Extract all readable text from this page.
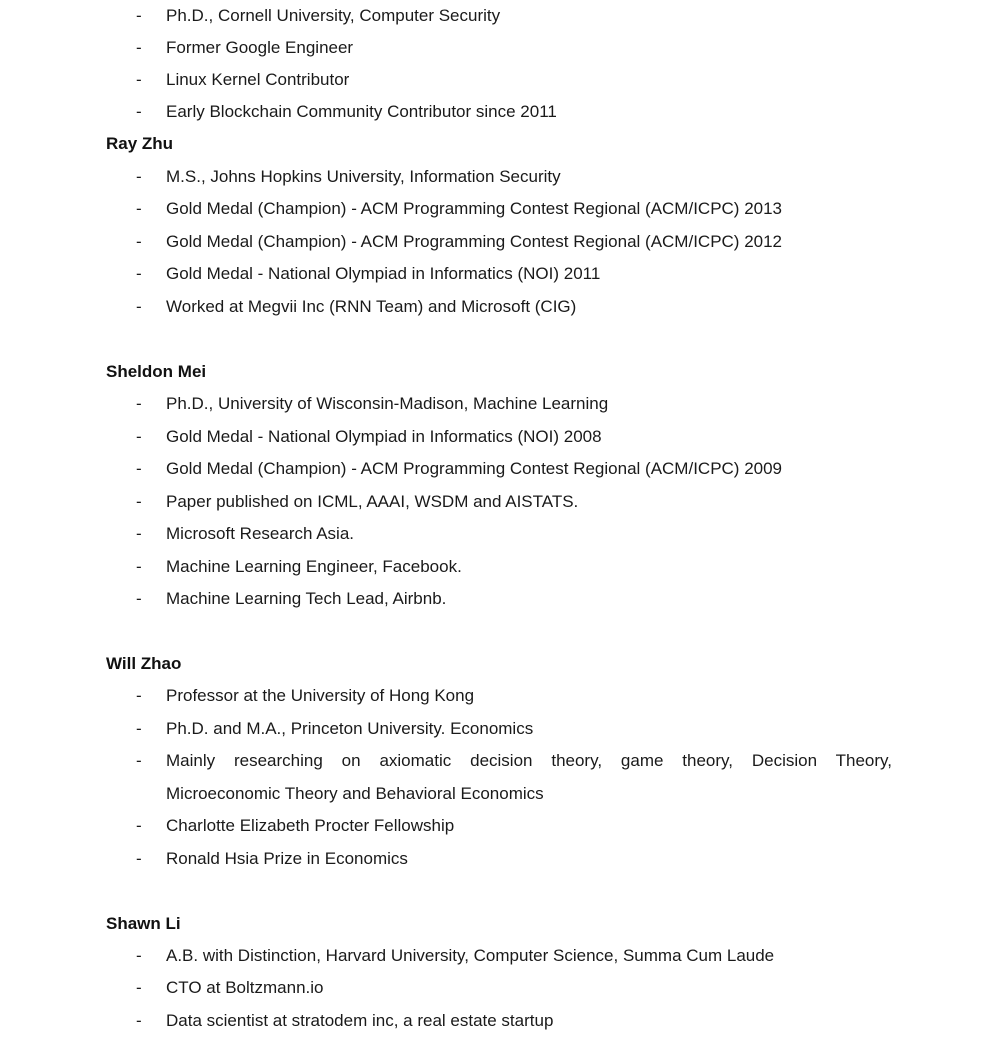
- Ph.D., Cornell University, Computer Security
- Former Google Engineer
- Linux Kernel Contributor
- Early Blockchain Community Contributor since 2011
Ray Zhu
- M.S., Johns Hopkins University, Information Security
- Gold Medal (Champion) - ACM Programming Contest Regional (ACM/ICPC) 2013
- Gold Medal (Champion) - ACM Programming Contest Regional (ACM/ICPC) 2012
- Gold Medal - National Olympiad in Informatics (NOI) 2011
- Worked at Megvii Inc (RNN Team) and Microsoft (CIG)
Sheldon Mei
- Ph.D., University of Wisconsin-Madison, Machine Learning
- Gold Medal - National Olympiad in Informatics (NOI) 2008
- Gold Medal (Champion) - ACM Programming Contest Regional (ACM/ICPC) 2009
- Paper published on ICML, AAAI, WSDM and AISTATS.
- Microsoft Research Asia.
- Machine Learning Engineer, Facebook.
- Machine Learning Tech Lead, Airbnb.
Will Zhao
- Professor at the University of Hong Kong
- Ph.D. and M.A., Princeton University. Economics
- Mainly researching on axiomatic decision theory, game theory, Decision Theory,
Microeconomic Theory and Behavioral Economics
- Charlotte Elizabeth Procter Fellowship
- Ronald Hsia Prize in Economics
Shawn Li
- A.B. with Distinction, Harvard University, Computer Science, Summa Cum Laude
- CTO at Boltzmann.io
- Data scientist at stratodem inc, a real estate startup
